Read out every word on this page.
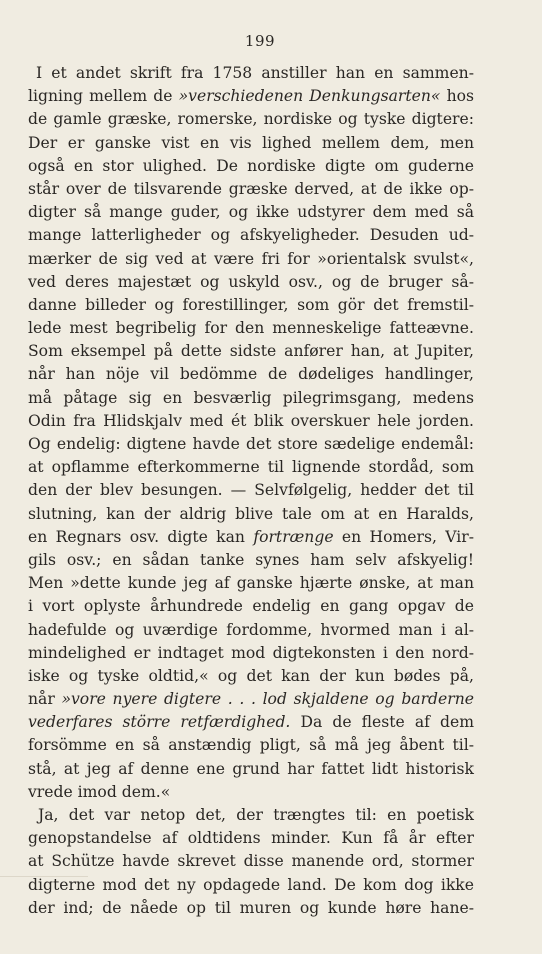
199
I et andet skrift fra 1758 anstiller han en sammen-
ligning mellem de »verschiedenen Denkungsarten« hos
de gamle græske, romerske, nordiske og tyske digtere:
Der er ganske vist en vis lighed mellem dem, men
også en stor ulighed. De nordiske digte om guderne
står over de tilsvarende græske derved, at de ikke op-
digter så mange guder, og ikke udstyrer dem med så
mange latterligheder og afskyeligheder. Desuden ud-
mærker de sig ved at være fri for »orientalsk svulst«,
ved deres majestæt og uskyld osv., og de bruger så-
danne billeder og forestillinger, som gör det fremstil-
lede mest begribelig for den menneskelige fatteævne.
Som eksempel på dette sidste anfører han, at Jupiter,
når han nöje vil bedömme de dødeliges handlinger,
må påtage sig en besværlig pilegrimsgang, medens
Odin fra Hlidskjalv med ét blik overskuer hele jorden.
Og endelig: digtene havde det store sædelige endemål:
at opflamme efterkommerne til lignende stordåd, som
den der blev besungen. — Selvfølgelig, hedder det til
slutning, kan der aldrig blive tale om at en Haralds,
en Regnars osv. digte kan fortrænge en Homers, Vir-
gils osv.; en sådan tanke synes ham selv afskyelig!
Men »dette kunde jeg af ganske hjærte ønske, at man
i vort oplyste århundrede endelig en gang opgav de
hadefulde og uværdige fordomme, hvormed man i al-
mindelighed er indtaget mod digtekonsten i den nord-
iske og tyske oldtid,« og det kan der kun bødes på,
når »vore nyere digtere . . . lod skjaldene og barderne
vederfares större retfærdighed. Da de fleste af dem
forsömme en så anstændig pligt, så må jeg åbent til-
stå, at jeg af denne ene grund har fattet lidt historisk
vrede imod dem.«
Ja, det var netop det, der trængtes til: en poetisk
genopstandelse af oldtidens minder. Kun få år efter
at Schütze havde skrevet disse manende ord, stormer
digterne mod det ny opdagede land. De kom dog ikke
der ind; de nåede op til muren og kunde høre hane-
